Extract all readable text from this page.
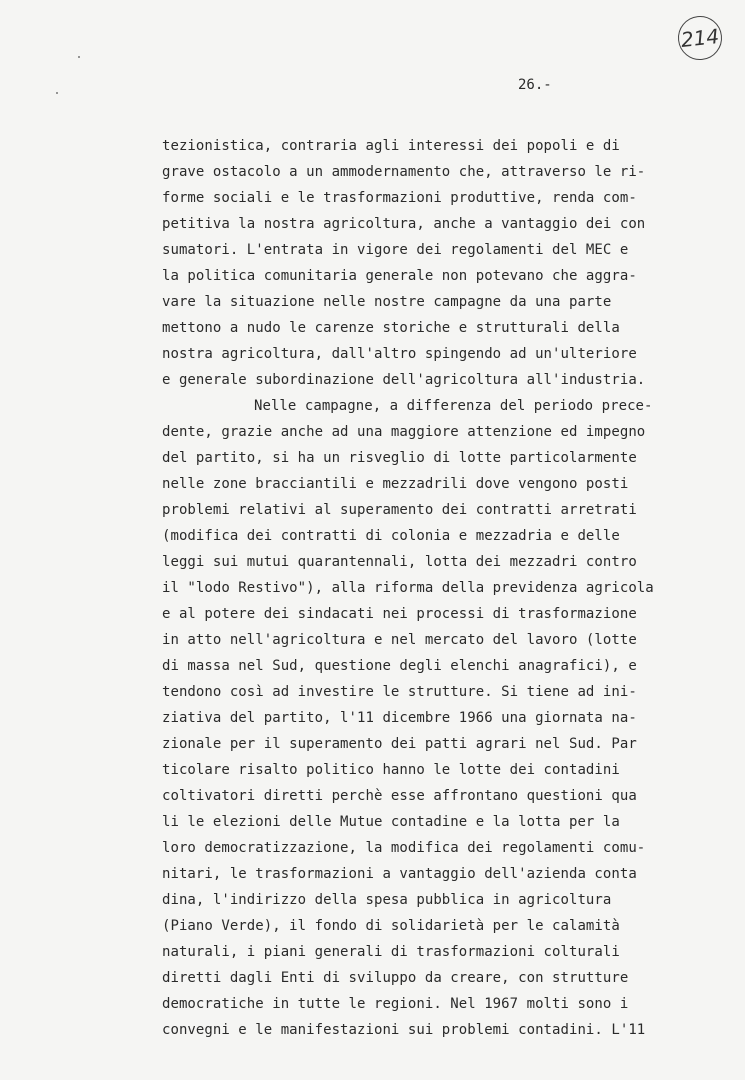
214
26.-
tezionistica, contraria agli interessi dei popoli e di
grave ostacolo a un ammodernamento che, attraverso le ri-
forme sociali e le trasformazioni produttive, renda com-
petitiva la nostra agricoltura, anche a vantaggio dei con
sumatori. L'entrata in vigore dei regolamenti del MEC e
la politica comunitaria generale non potevano che aggra-
vare la situazione nelle nostre campagne da una parte
mettono a nudo le carenze storiche e strutturali della
nostra agricoltura, dall'altro spingendo ad un'ulteriore
e generale subordinazione dell'agricoltura all'industria.
Nelle campagne, a differenza del periodo prece-
dente, grazie anche ad una maggiore attenzione ed impegno
del partito, si ha un risveglio di lotte particolarmente
nelle zone bracciantili e mezzadrili dove vengono posti
problemi relativi al superamento dei contratti arretrati
(modifica dei contratti di colonia e mezzadria e delle
leggi sui mutui quarantennali, lotta dei mezzadri contro
il "lodo Restivo"), alla riforma della previdenza agricola
e al potere dei sindacati nei processi di trasformazione
in atto nell'agricoltura e nel mercato del lavoro (lotte
di massa nel Sud, questione degli elenchi anagrafici), e
tendono così ad investire le strutture. Si tiene ad ini-
ziativa del partito, l'11 dicembre 1966 una giornata na-
zionale per il superamento dei patti agrari nel Sud. Par
ticolare risalto politico hanno le lotte dei contadini
coltivatori diretti perchè esse affrontano questioni qua
li le elezioni delle Mutue contadine e la lotta per la
loro democratizzazione, la modifica dei regolamenti comu-
nitari, le trasformazioni a vantaggio dell'azienda conta
dina, l'indirizzo della spesa pubblica in agricoltura
(Piano Verde), il fondo di solidarietà per le calamità
naturali, i piani generali di trasformazioni colturali
diretti dagli Enti di sviluppo da creare, con strutture
democratiche in tutte le regioni. Nel 1967 molti sono i
convegni e le manifestazioni sui problemi contadini. L'11
